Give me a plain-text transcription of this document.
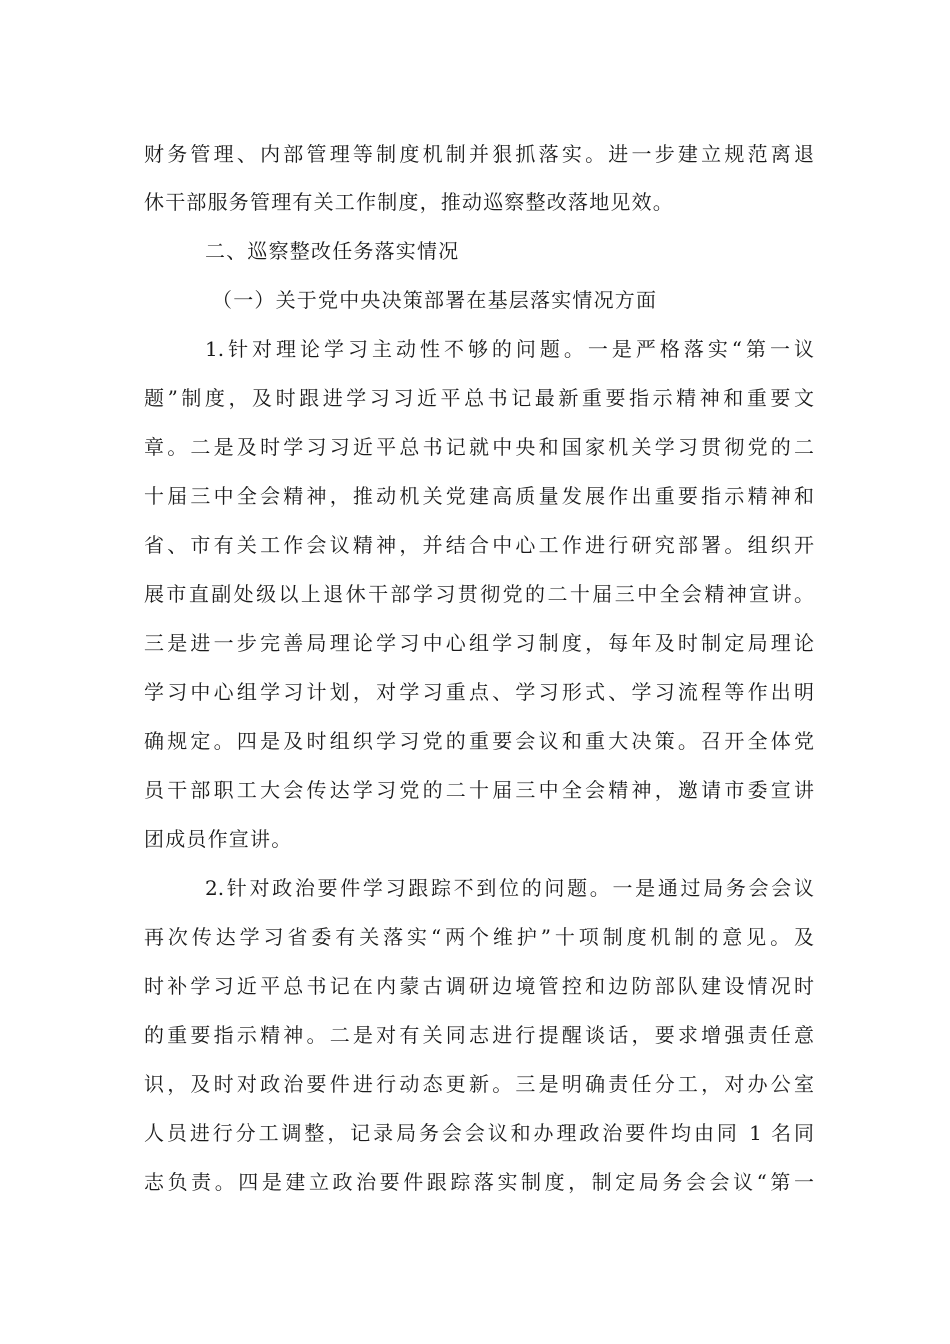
财务管理、内部管理等制度机制并狠抓落实。进一步建立规范离退
休干部服务管理有关工作制度，推动巡察整改落地见效。
二、巡察整改任务落实情况
（一）关于党中央决策部署在基层落实情况方面
1.针对理论学习主动性不够的问题。一是严格落实“第一议
题”制度，及时跟进学习习近平总书记最新重要指示精神和重要文
章。二是及时学习习近平总书记就中央和国家机关学习贯彻党的二
十届三中全会精神，推动机关党建高质量发展作出重要指示精神和
省、市有关工作会议精神，并结合中心工作进行研究部署。组织开
展市直副处级以上退休干部学习贯彻党的二十届三中全会精神宣讲。
三是进一步完善局理论学习中心组学习制度，每年及时制定局理论
学习中心组学习计划，对学习重点、学习形式、学习流程等作出明
确规定。四是及时组织学习党的重要会议和重大决策。召开全体党
员干部职工大会传达学习党的二十届三中全会精神，邀请市委宣讲
团成员作宣讲。
2.针对政治要件学习跟踪不到位的问题。一是通过局务会会议
再次传达学习省委有关落实“两个维护”十项制度机制的意见。及
时补学习近平总书记在内蒙古调研边境管控和边防部队建设情况时
的重要指示精神。二是对有关同志进行提醒谈话，要求增强责任意
识，及时对政治要件进行动态更新。三是明确责任分工，对办公室
人员进行分工调整，记录局务会会议和办理政治要件均由同 1 名同
志负责。四是建立政治要件跟踪落实制度，制定局务会会议“第一
